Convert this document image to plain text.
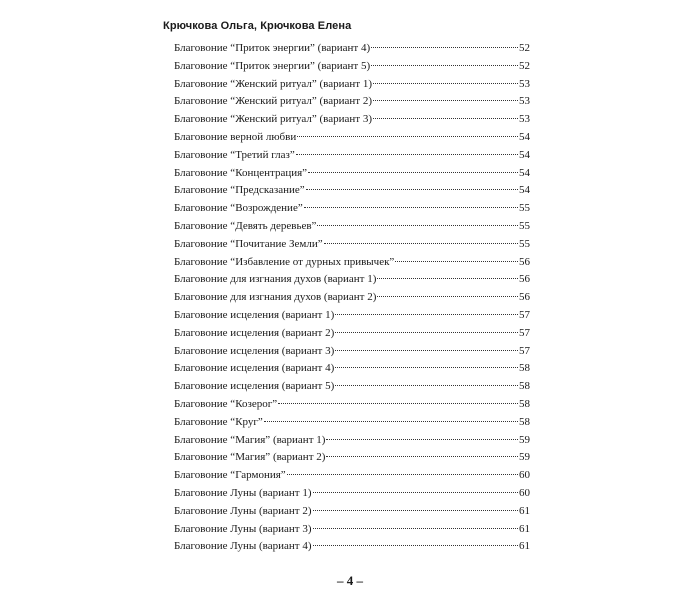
Крючкова Ольга, Крючкова Елена
Благовоние “Приток энергии” (вариант 4)	52
Благовоние “Приток энергии” (вариант 5)	52
Благовоние “Женский ритуал” (вариант 1)	53
Благовоние “Женский ритуал” (вариант 2)	53
Благовоние “Женский ритуал” (вариант 3)	53
Благовоние верной любви	54
Благовоние “Третий глаз”	54
Благовоние “Концентрация”	54
Благовоние “Предсказание”	54
Благовоние “Возрождение”	55
Благовоние “Девять деревьев”	55
Благовоние “Почитание Земли”	55
Благовоние “Избавление от дурных привычек”	56
Благовоние для изгнания духов (вариант 1)	56
Благовоние для изгнания духов (вариант 2)	56
Благовоние исцеления (вариант 1)	57
Благовоние исцеления (вариант 2)	57
Благовоние исцеления (вариант 3)	57
Благовоние исцеления (вариант 4)	58
Благовоние исцеления (вариант 5)	58
Благовоние “Козерог”	58
Благовоние “Круг”	58
Благовоние “Магия” (вариант 1)	59
Благовоние “Магия” (вариант 2)	59
Благовоние “Гармония”	60
Благовоние Луны (вариант 1)	60
Благовоние Луны (вариант 2)	61
Благовоние Луны (вариант 3)	61
Благовоние Луны (вариант 4)	61
– 4 –
